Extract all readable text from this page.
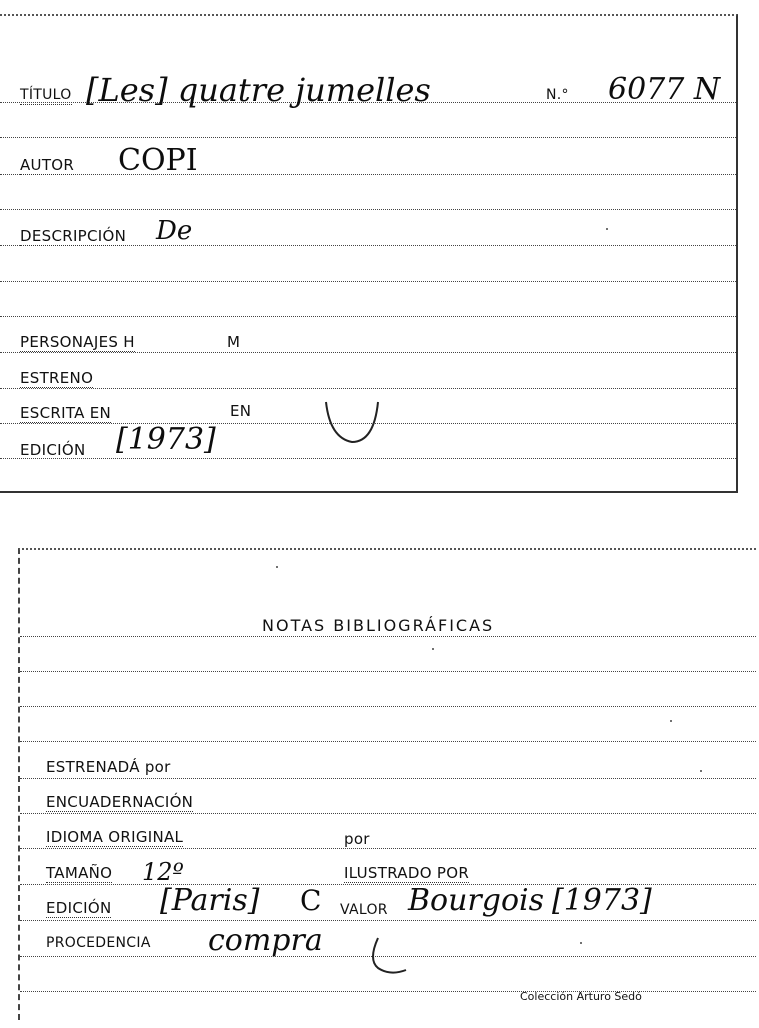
TÍTULO [Les] quatre jumelles	N.° 6077 N
AUTOR COPI
DESCRIPCIÓN De
PERSONAJES H	M
ESTRENO
ESCRITA EN	EN
EDICIÓN [1973]
NOTAS BIBLIOGRÁFICAS
ESTRENADÁ por
ENCUADERNACIÓN
IDIOMA ORIGINAL	por
TAMAÑO 12º	ILUSTRADO POR
EDICIÓN [Paris] C VALOR Bourgois [1973]
PROCEDENCIA compra
Colección Arturo Sedó
